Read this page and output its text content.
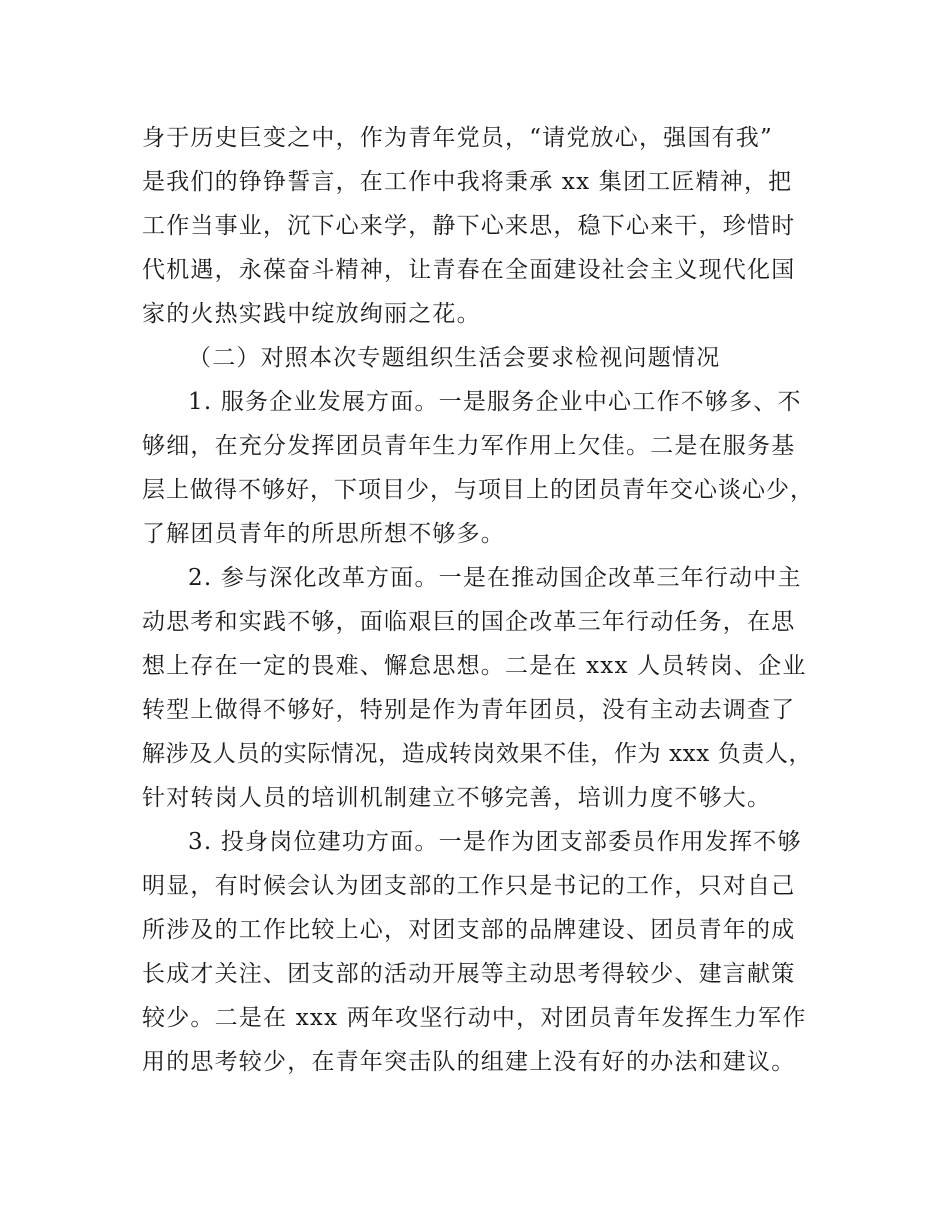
身于历史巨变之中，作为青年党员，“请党放心，强国有我”
是我们的铮铮誓言，在工作中我将秉承 xx 集团工匠精神，把
工作当事业，沉下心来学，静下心来思，稳下心来干，珍惜时
代机遇，永葆奋斗精神，让青春在全面建设社会主义现代化国
家的火热实践中绽放绚丽之花。
（二）对照本次专题组织生活会要求检视问题情况
1. 服务企业发展方面。一是服务企业中心工作不够多、不
够细，在充分发挥团员青年生力军作用上欠佳。二是在服务基
层上做得不够好，下项目少，与项目上的团员青年交心谈心少，
了解团员青年的所思所想不够多。
2. 参与深化改革方面。一是在推动国企改革三年行动中主
动思考和实践不够，面临艰巨的国企改革三年行动任务，在思
想上存在一定的畏难、懈怠思想。二是在 xxx 人员转岗、企业
转型上做得不够好，特别是作为青年团员，没有主动去调查了
解涉及人员的实际情况，造成转岗效果不佳，作为 xxx 负责人，
针对转岗人员的培训机制建立不够完善，培训力度不够大。
3. 投身岗位建功方面。一是作为团支部委员作用发挥不够
明显，有时候会认为团支部的工作只是书记的工作，只对自己
所涉及的工作比较上心，对团支部的品牌建设、团员青年的成
长成才关注、团支部的活动开展等主动思考得较少、建言献策
较少。二是在 xxx 两年攻坚行动中，对团员青年发挥生力军作
用的思考较少，在青年突击队的组建上没有好的办法和建议。
